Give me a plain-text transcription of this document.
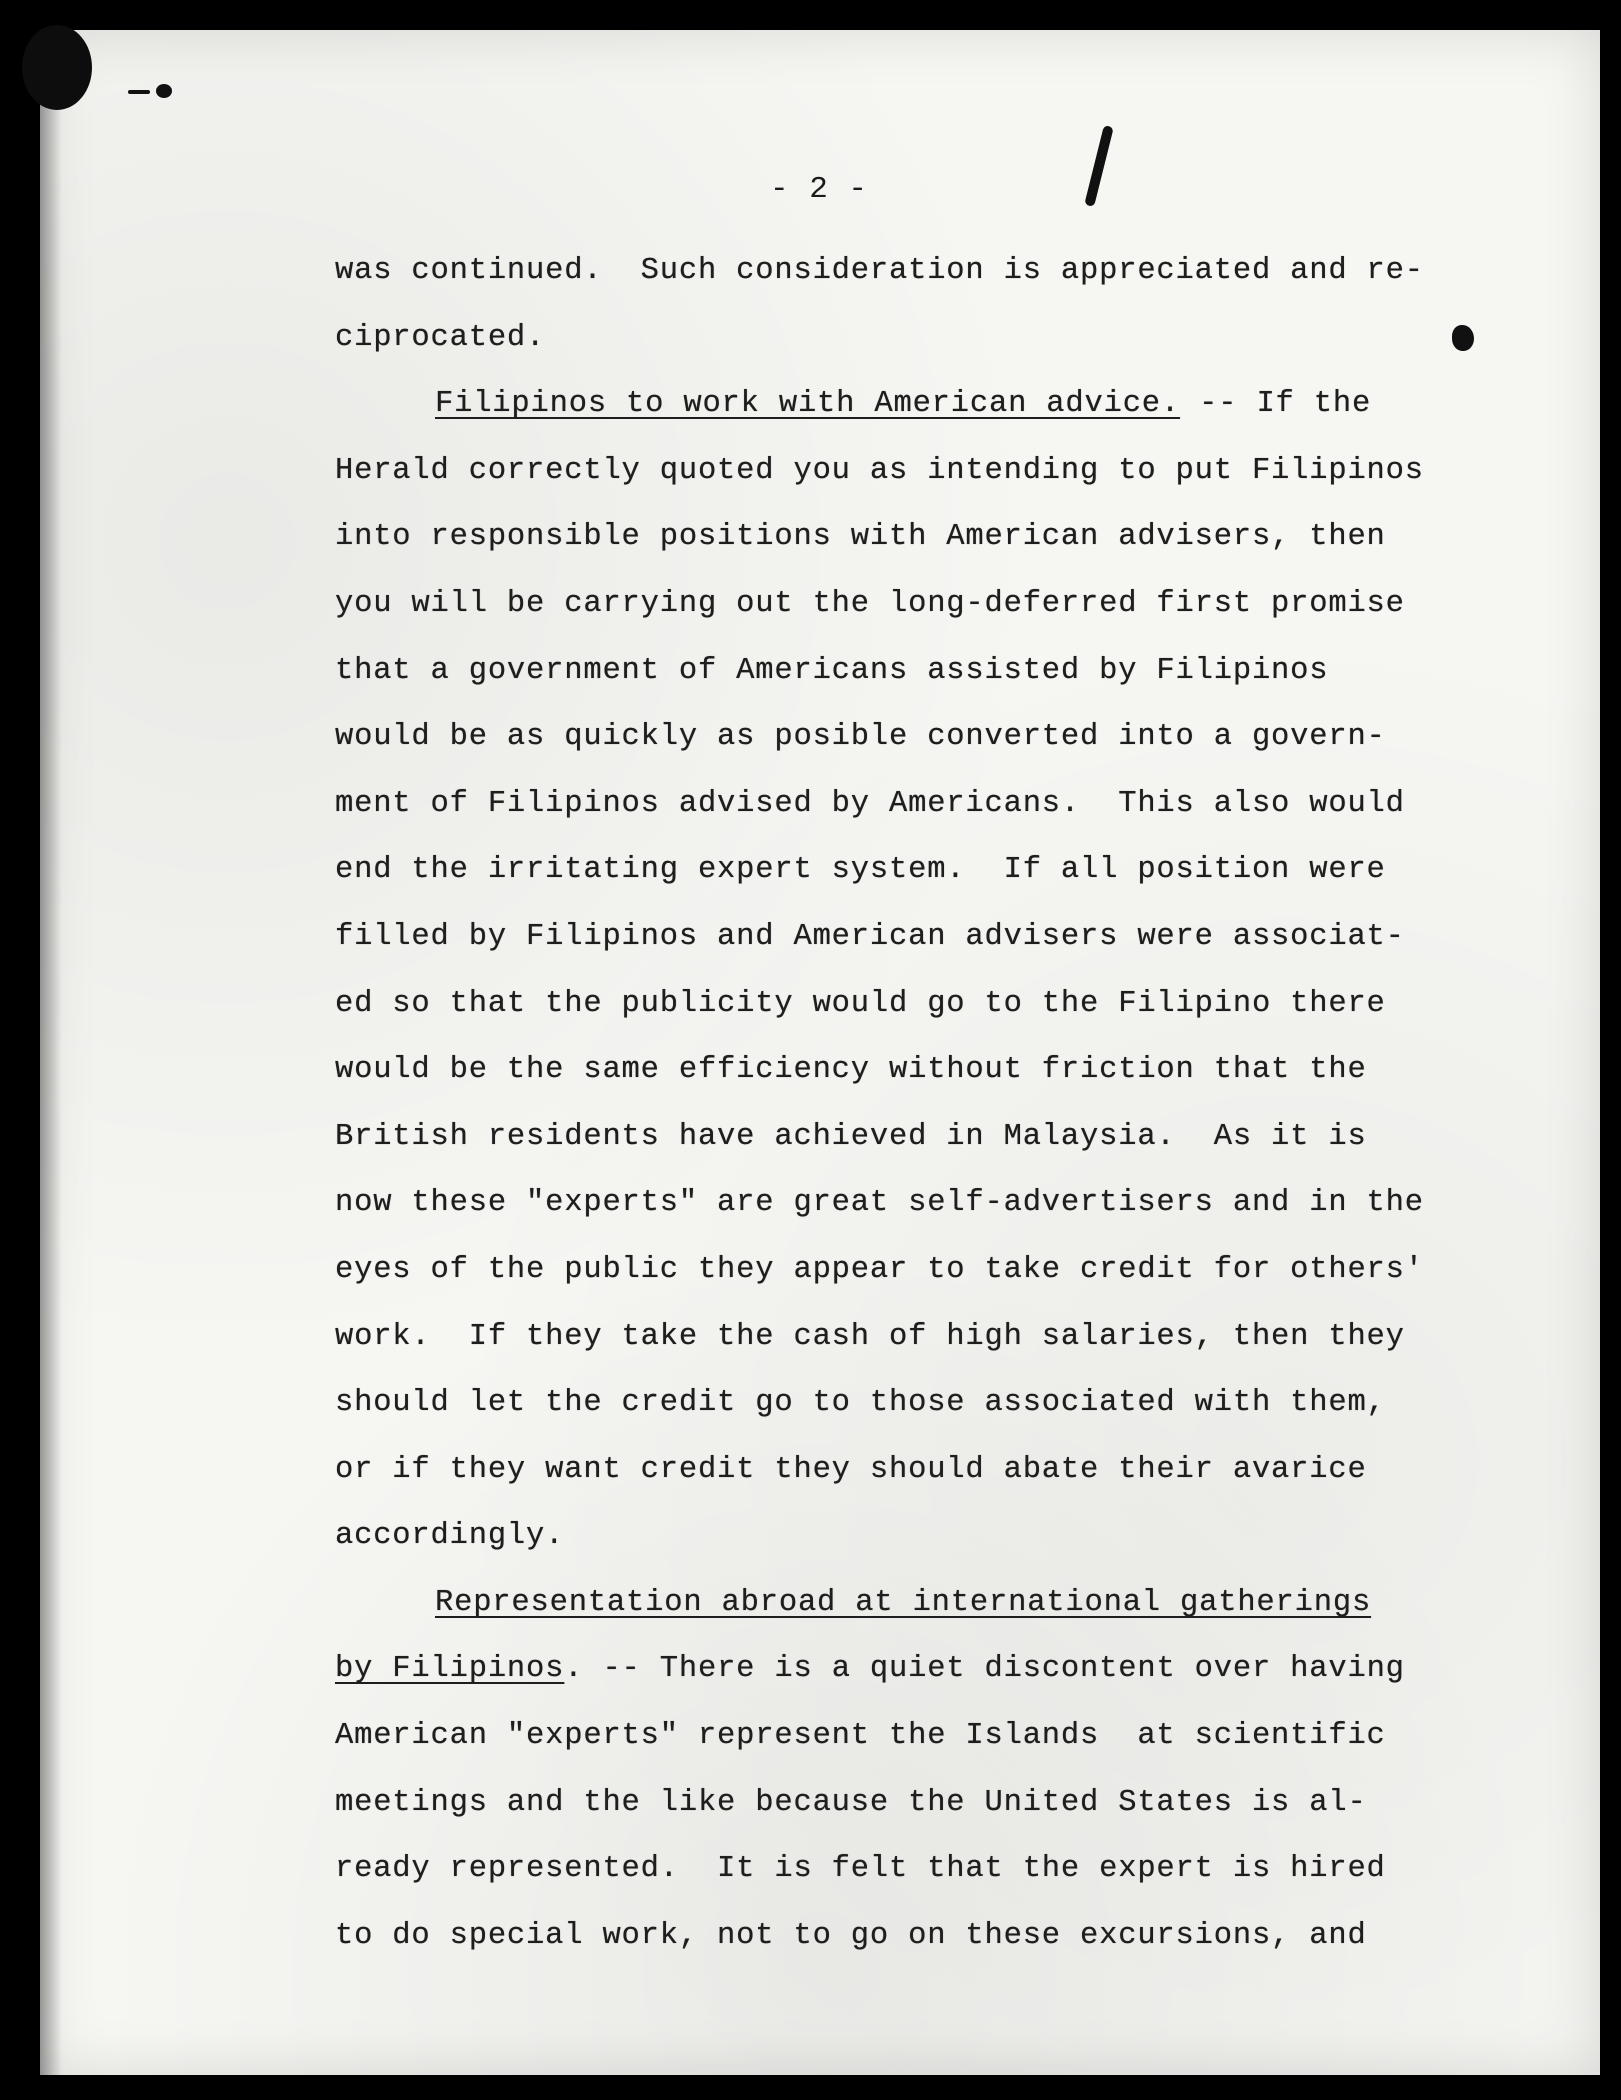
- 2 -
was continued.  Such consideration is appreciated and re-
ciprocated.
Filipinos to work with American advice. -- If the
Herald correctly quoted you as intending to put Filipinos
into responsible positions with American advisers, then
you will be carrying out the long-deferred first promise
that a government of Americans assisted by Filipinos
would be as quickly as posible converted into a govern-
ment of Filipinos advised by Americans.  This also would
end the irritating expert system.  If all position were
filled by Filipinos and American advisers were associat-
ed so that the publicity would go to the Filipino there
would be the same efficiency without friction that the
British residents have achieved in Malaysia.  As it is
now these "experts" are great self-advertisers and in the
eyes of the public they appear to take credit for others'
work.  If they take the cash of high salaries, then they
should let the credit go to those associated with them,
or if they want credit they should abate their avarice
accordingly.
Representation abroad at international gatherings
by Filipinos. -- There is a quiet discontent over having
American "experts" represent the Islands  at scientific
meetings and the like because the United States is al-
ready represented.  It is felt that the expert is hired
to do special work, not to go on these excursions, and
